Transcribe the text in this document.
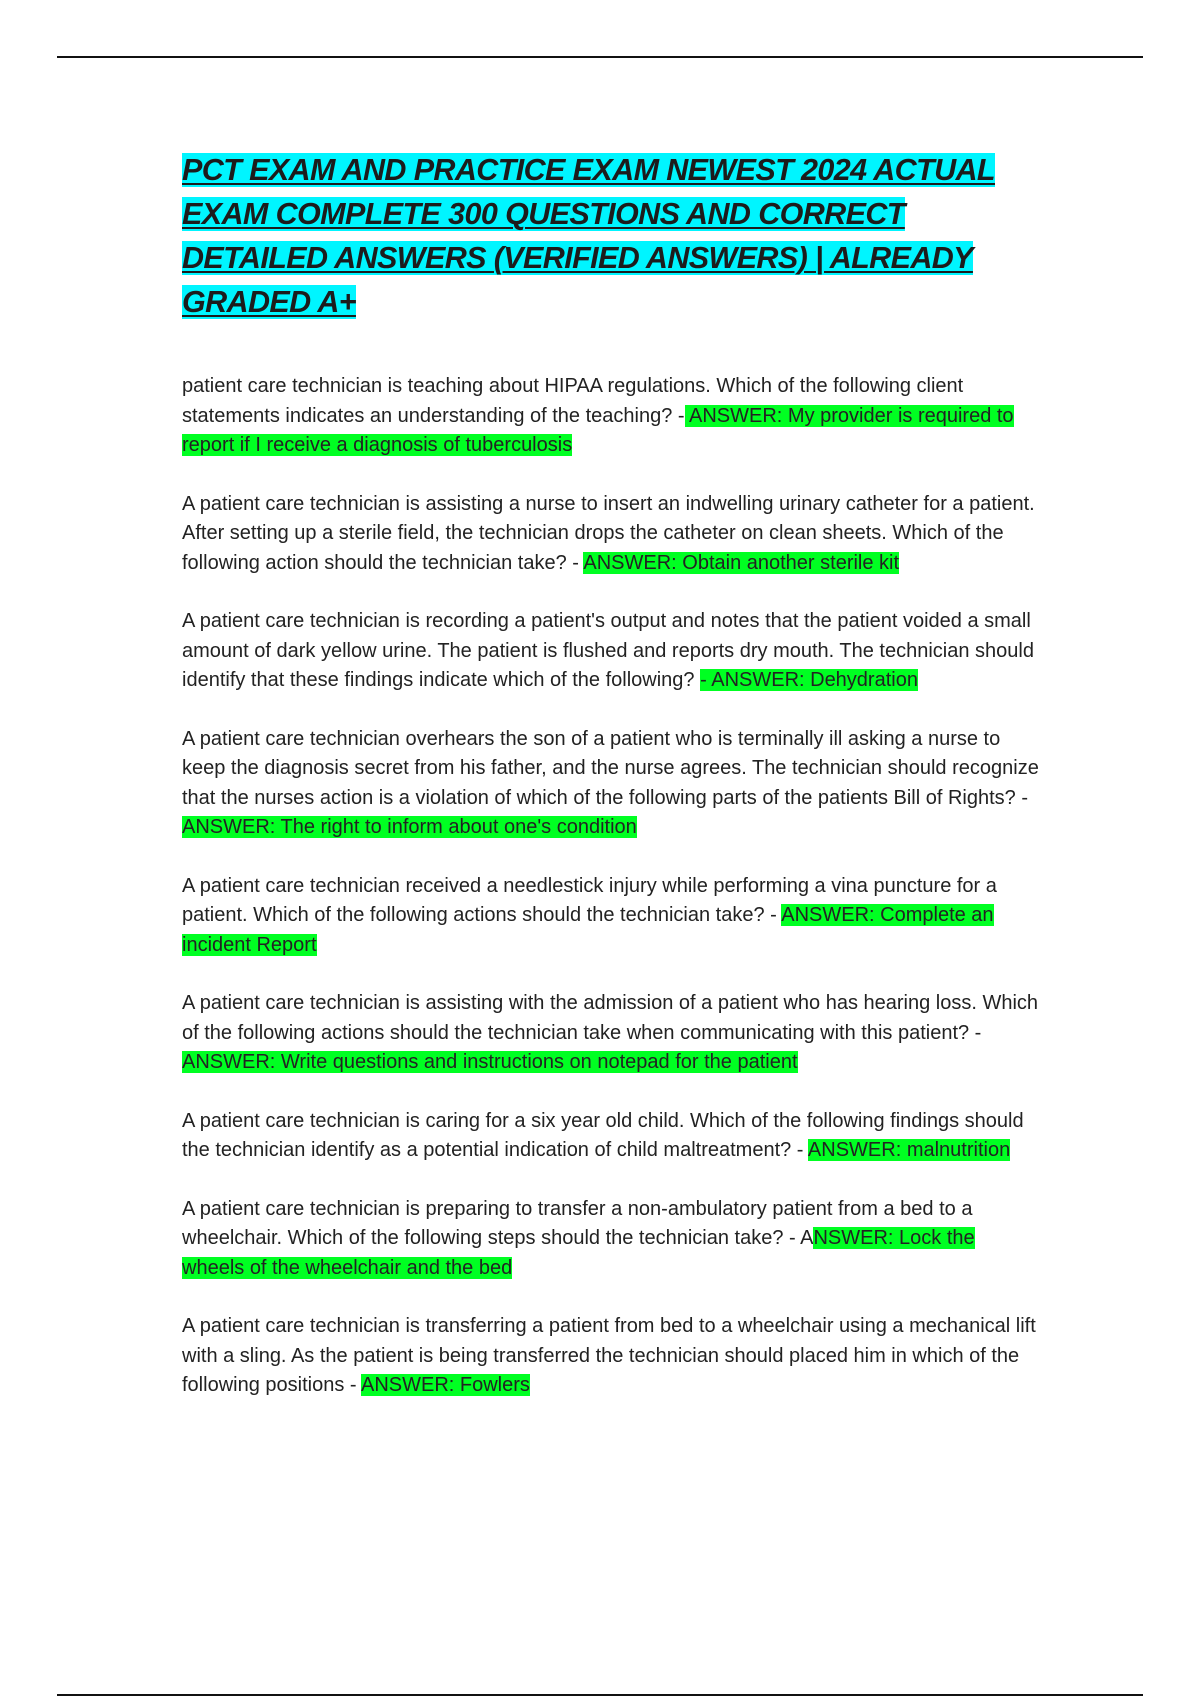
PCT EXAM AND PRACTICE EXAM NEWEST 2024 ACTUAL EXAM COMPLETE 300 QUESTIONS AND CORRECT DETAILED ANSWERS (VERIFIED ANSWERS) | ALREADY GRADED A+

patient care technician is teaching about HIPAA regulations. Which of the following client statements indicates an understanding of the teaching? - ANSWER: My provider is required to report if I receive a diagnosis of tuberculosis

A patient care technician is assisting a nurse to insert an indwelling urinary catheter for a patient. After setting up a sterile field, the technician drops the catheter on clean sheets. Which of the following action should the technician take? - ANSWER: Obtain another sterile kit

A patient care technician is recording a patient's output and notes that the patient voided a small amount of dark yellow urine. The patient is flushed and reports dry mouth. The technician should identify that these findings indicate which of the following? - ANSWER: Dehydration

A patient care technician overhears the son of a patient who is terminally ill asking a nurse to keep the diagnosis secret from his father, and the nurse agrees. The technician should recognize that the nurses action is a violation of which of the following parts of the patients Bill of Rights? - ANSWER: The right to inform about one's condition

A patient care technician received a needlestick injury while performing a vina puncture for a patient. Which of the following actions should the technician take? - ANSWER: Complete an incident Report

A patient care technician is assisting with the admission of a patient who has hearing loss. Which of the following actions should the technician take when communicating with this patient? - ANSWER: Write questions and instructions on notepad for the patient

A patient care technician is caring for a six year old child. Which of the following findings should the technician identify as a potential indication of child maltreatment? - ANSWER: malnutrition

A patient care technician is preparing to transfer a non-ambulatory patient from a bed to a wheelchair. Which of the following steps should the technician take? - ANSWER: Lock the wheels of the wheelchair and the bed

A patient care technician is transferring a patient from bed to a wheelchair using a mechanical lift with a sling. As the patient is being transferred the technician should placed him in which of the following positions - ANSWER: Fowlers
